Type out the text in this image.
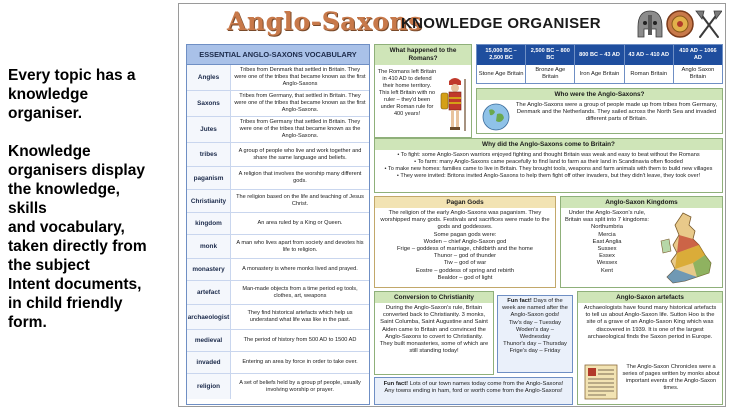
Every topic has a
knowledge
organiser.

Knowledge
organisers display
the knowledge,
skills
and vocabulary,
taken directly from
the subject
Intent documents,
in child friendly
form.

Anglo-Saxons
KNOWLEDGE ORGANISER
ESSENTIAL ANGLO-SAXONS VOCABULARY
Angles
Tribes from Denmark that settled in Britain. They were one of the tribes that became known as the first Anglo-Saxons
Saxons
Tribes from Germany, that settled in Britain. They were one of the tribes that became known as the first Anglo-Saxons.
Jutes
Tribes from Germany that settled in Britain. They were one of the tribes that became known as the Anglo-Saxons.
tribes
A group of people who live and work together and share the same language and beliefs.
paganism
A religion that involves the worship many different gods.
Christianity
The religion based on the life and teaching of Jesus Christ.
kingdom	An area ruled by a King or Queen.
monk
A man who lives apart from society and devotes his life to religion.
monastery	A monastery is where monks lived and prayed.
artefact
Man-made objects from a time period eg tools, clothes, art, weapons
archaeologist
They find historical artefacts which help us understand what life was like in the past.
medieval	The period of history from 500 AD to 1500 AD
invaded	Entering an area by force in order to take over.
religion
A set of beliefs held by a group pf people, usually involving worship or prayer.
What happened to the Romans?
The Romans left Britain in 410 AD to defend their home territory. This left Britain with no ruler – they'd been under Roman rule for 400 years!
15,000 BC – 2,500 BC
Stone Age Britain
2,500 BC – 800 BC
Bronze Age Britain
800 BC – 43 AD
Iron Age Britain
43 AD – 410 AD
Roman Britain
410 AD – 1066 AD
Anglo Saxon Britain
Who were the Anglo-Saxons?
The Anglo-Saxons were a group of people made up from tribes from Germany, Denmark and the Netherlands. They sailed across the North Sea and invaded different parts of Britain.
Why did the Anglo-Saxons come to Britain?
• To fight: some Anglo-Saxon warriors enjoyed fighting and thought Britain was weak and easy to beat without the Romans
• To farm: many Anglo-Saxons came peacefully to find land to farm as their land in Scandinavia often flooded
• To make new homes: families came to live in Britain. They brought tools, weapons and farm animals with them to build new villages
• They were invited: Britons invited Anglo-Saxons to help them fight off other invaders, but they didn't leave, they took over!
Pagan Gods
The religion of the early Anglo-Saxons was paganism. They worshipped many gods. Festivals and sacrifices were made to the gods and goddesses.
Some pagan gods were:
Woden – chief Anglo-Saxon god
Frige – goddess of marriage, childbirth and the home
Thunor – god of thunder
Tiw – god of war
Eostre – goddess of spring and rebirth
Bealdor – god of light
Anglo-Saxon Kingdoms
Under the Anglo-Saxon's rule, Britain was split into 7 kingdoms:
Northumbria
Mercia
East Anglia
Sussex
Essex
Wessex
Kent
Conversion to Christianity
During the Anglo-Saxon's rule, Britain converted back to Christianity. 3 monks, Saint Columba, Saint Augustine and Saint Aiden came to Britain and convinced the Anglo-Saxons to covert to Christianity. They built monasteries, some of which are still standing today!
Fun fact! Days of the week are named after the Anglo-Saxon gods!
Tiw's day – Tuesday
Woden's day – Wednesday
Thunor's day – Thursday
Frige's day – Friday
Anglo-Saxon artefacts
Archaeologists have found many historical artefacts to tell us about Anglo-Saxon life. Sutton Hoo is the site of a grave of an Anglo-Saxon King which was discovered in 1939. It is one of the largest archaeological finds the Saxon period in Europe.
The Anglo-Saxon Chronicles were a series of pages written by monks about important events of the Anglo-Saxon times.
Fun fact! Lots of our town names today come from the Anglo-Saxons! Any towns ending in ham, ford or worth come from the Anglo-Saxons!
